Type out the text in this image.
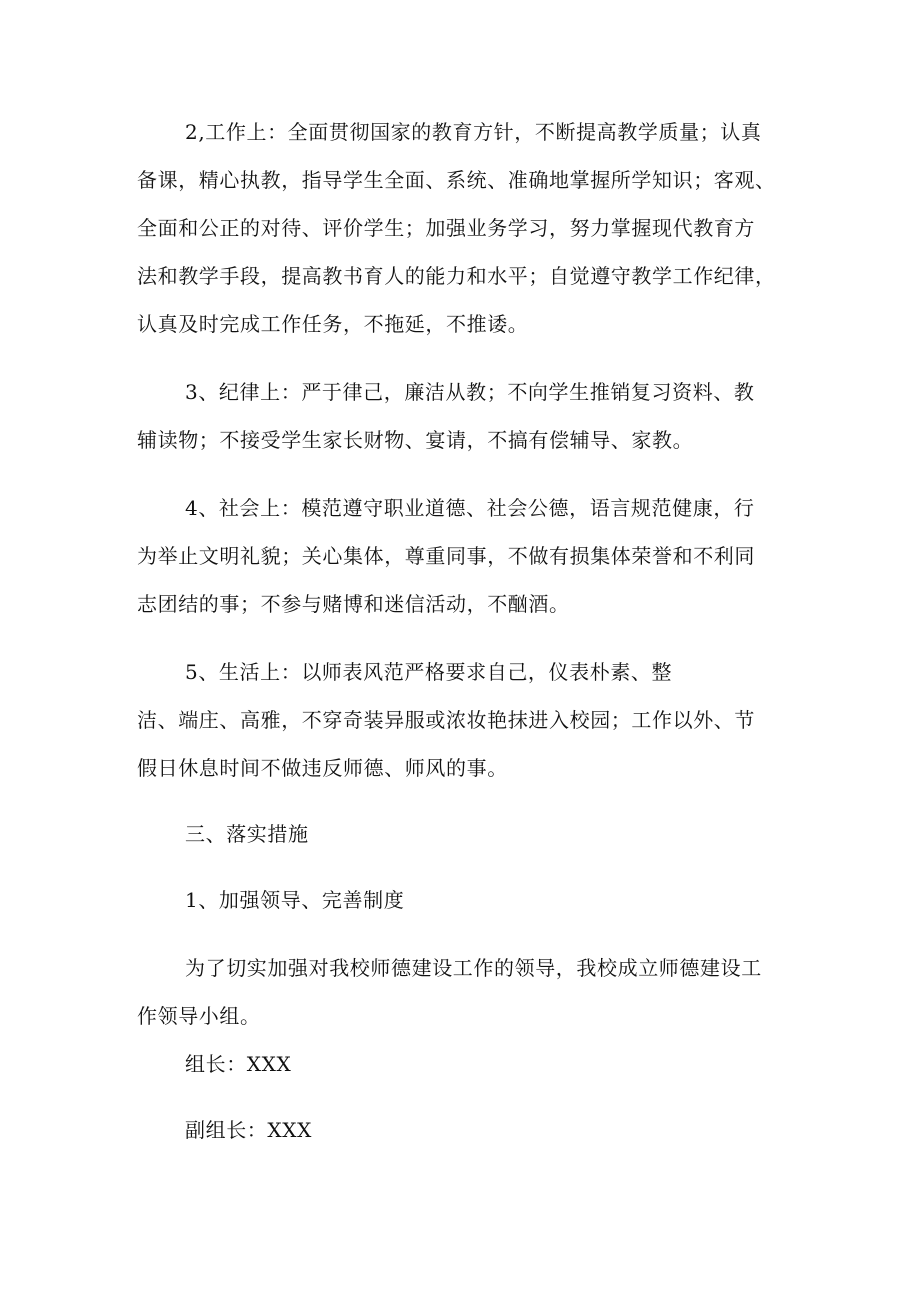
2,工作上：全面贯彻国家的教育方针，不断提高教学质量；认真
备课，精心执教，指导学生全面、系统、准确地掌握所学知识；客观、
全面和公正的对待、评价学生；加强业务学习，努力掌握现代教育方
法和教学手段，提高教书育人的能力和水平；自觉遵守教学工作纪律，
认真及时完成工作任务，不拖延，不推诿。
3、纪律上：严于律己，廉洁从教；不向学生推销复习资料、教
辅读物；不接受学生家长财物、宴请，不搞有偿辅导、家教。
4、社会上：模范遵守职业道德、社会公德，语言规范健康，行
为举止文明礼貌；关心集体，尊重同事，不做有损集体荣誉和不利同
志团结的事；不参与赌博和迷信活动，不酗酒。
5、生活上：以师表风范严格要求自己，仪表朴素、整
洁、端庄、高雅，不穿奇装异服或浓妆艳抹进入校园；工作以外、节
假日休息时间不做违反师德、师风的事。
三、落实措施
1、加强领导、完善制度
为了切实加强对我校师德建设工作的领导，我校成立师德建设工
作领导小组。
组长：XXX
副组长：XXX
